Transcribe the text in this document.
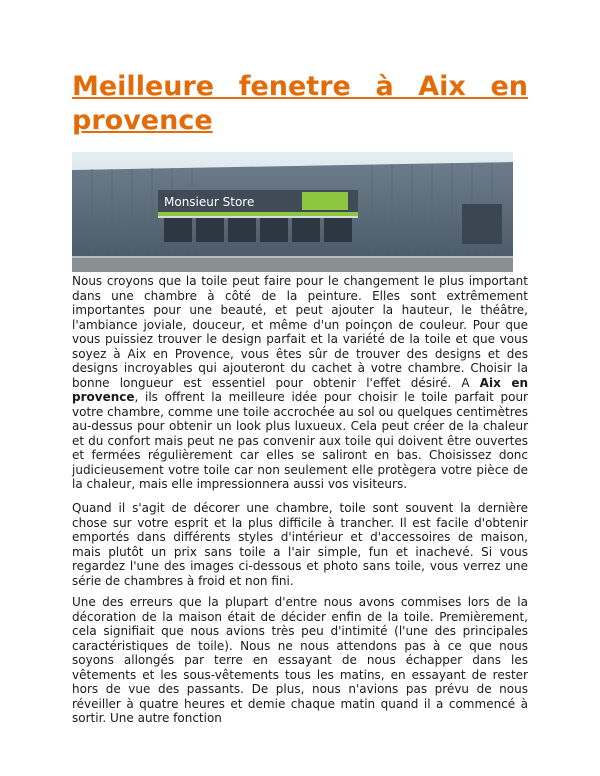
Meilleure fenetre à Aix en
provence
Monsieur Store

Nous croyons que la toile peut faire pour le changement le plus important dans une chambre à côté de la peinture. Elles sont extrêmement importantes pour une beauté, et peut ajouter la hauteur, le théâtre, l'ambiance joviale, douceur, et même d'un poinçon de couleur. Pour que vous puissiez trouver le design parfait et la variété de la toile et que vous soyez à Aix en Provence, vous êtes sûr de trouver des designs et des designs incroyables qui ajouteront du cachet à votre chambre. Choisir la bonne longueur est essentiel pour obtenir l'effet désiré. A Aix en provence, ils offrent la meilleure idée pour choisir le toile parfait pour votre chambre, comme une toile accrochée au sol ou quelques centimètres au-dessus pour obtenir un look plus luxueux. Cela peut créer de la chaleur et du confort mais peut ne pas convenir aux toile qui doivent être ouvertes et fermées régulièrement car elles se saliront en bas. Choisissez donc judicieusement votre toile car non seulement elle protègera votre pièce de la chaleur, mais elle impressionnera aussi vos visiteurs.

Quand il s'agit de décorer une chambre, toile sont souvent la dernière chose sur votre esprit et la plus difficile à trancher. Il est facile d'obtenir emportés dans différents styles d'intérieur et d'accessoires de maison, mais plutôt un prix sans toile a l'air simple, fun et inachevé. Si vous regardez l'une des images ci-dessous et photo sans toile, vous verrez une série de chambres à froid et non fini.

Une des erreurs que la plupart d'entre nous avons commises lors de la décoration de la maison était de décider enfin de la toile. Premièrement, cela signifiait que nous avions très peu d'intimité (l'une des principales caractéristiques de toile). Nous ne nous attendons pas à ce que nous soyons allongés par terre en essayant de nous échapper dans les vêtements et les sous-vêtements tous les matins, en essayant de rester hors de vue des passants. De plus, nous n'avions pas prévu de nous réveiller à quatre heures et demie chaque matin quand il a commencé à sortir. Une autre fonction
